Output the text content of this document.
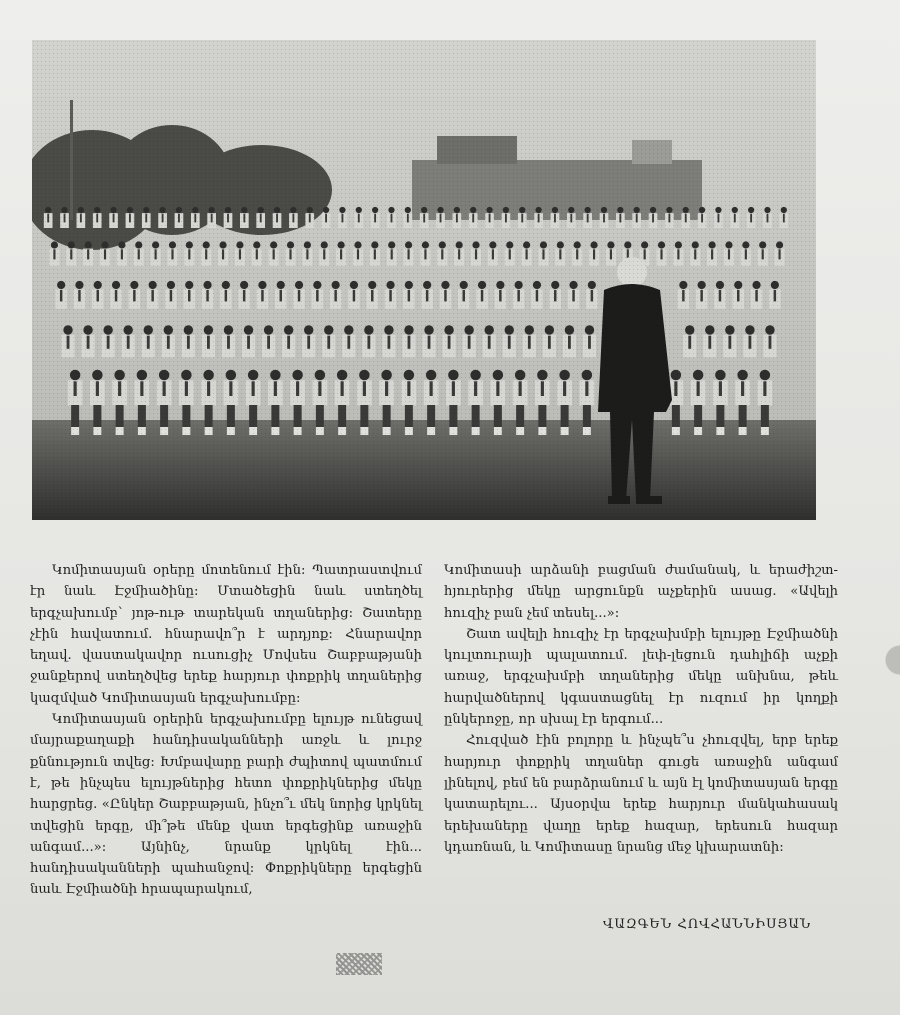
Կոմիտասյան օրերը մոտենում էին: Պատրաստվում էր նաև Էջմիածինը: Մտածեցին նաև ստեղծել երգչախումբ՝ յոթ-ութ տարեկան տղաներից: Շատերը չէին հավատում. հնարավո՞ր է արդյոք: Հնարավոր եղավ. վաստակավոր ուսուցիչ Մովսես Շաբբաթյանի ջանքերով ստեղծվեց երեք հարյուր փոքրիկ տղաներից կազմված Կոմիտասյան երգչախումբը:

Կոմիտասյան օրերին երգչախումբը ելույթ ունեցավ մայրաքաղաքի հանդիսականների առջև և լուրջ քննություն տվեց: Խմբավարը բարի ժպիտով պատմում է, թե ինչպես ելույթներից հետո փոքրիկներից մեկը հարցրեց. «Ընկեր Շաբբաթյան, ինչո՞ւ մեկ նորից կրկնել տվեցին երգը, մի՞թե մենք վատ երգեցինք առաջին անգամ...»: Այնինչ, նրանք կրկնել էին... հանդիսականների պահանջով: Փոքրիկները երգեցին նաև Էջմիածնի հրապարակում,

Կոմիտասի արձանի բացման ժամանակ, և երաժիշտ-հյուրերից մեկը արցունքն աչքերին ասաց. «Ավելի հուզիչ բան չեմ տեսել...»:

Շատ ավելի հուզիչ էր երգչախմբի ելույթը Էջմիածնի կուլտուրայի պալատում. լեփ-լեցուն դահլիճի աչքի առաջ, երգչախմբի տղաներից մեկը անխնա, թեև հարվածներով կգաստացնել էր ուզում իր կողքի ընկերոջը, որ սխալ էր երգում...

Հուզված էին բոլորը և ինչպե՞ս չհուզվել, երբ երեք հարյուր փոքրիկ տղաներ գուցե առաջին անգամ լինելով, բեմ են բարձրանում և այն էլ կոմիտասյան երգը կատարելու... Այսօրվա երեք հարյուր մանկահասակ երեխաները վաղը երեք հազար, երեսուն հազար կդառնան, և Կոմիտասը նրանց մեջ կխարատնի:

ՎԱԶԳԵՆ ՀՈՎՀԱՆՆԻՍՅԱՆ
